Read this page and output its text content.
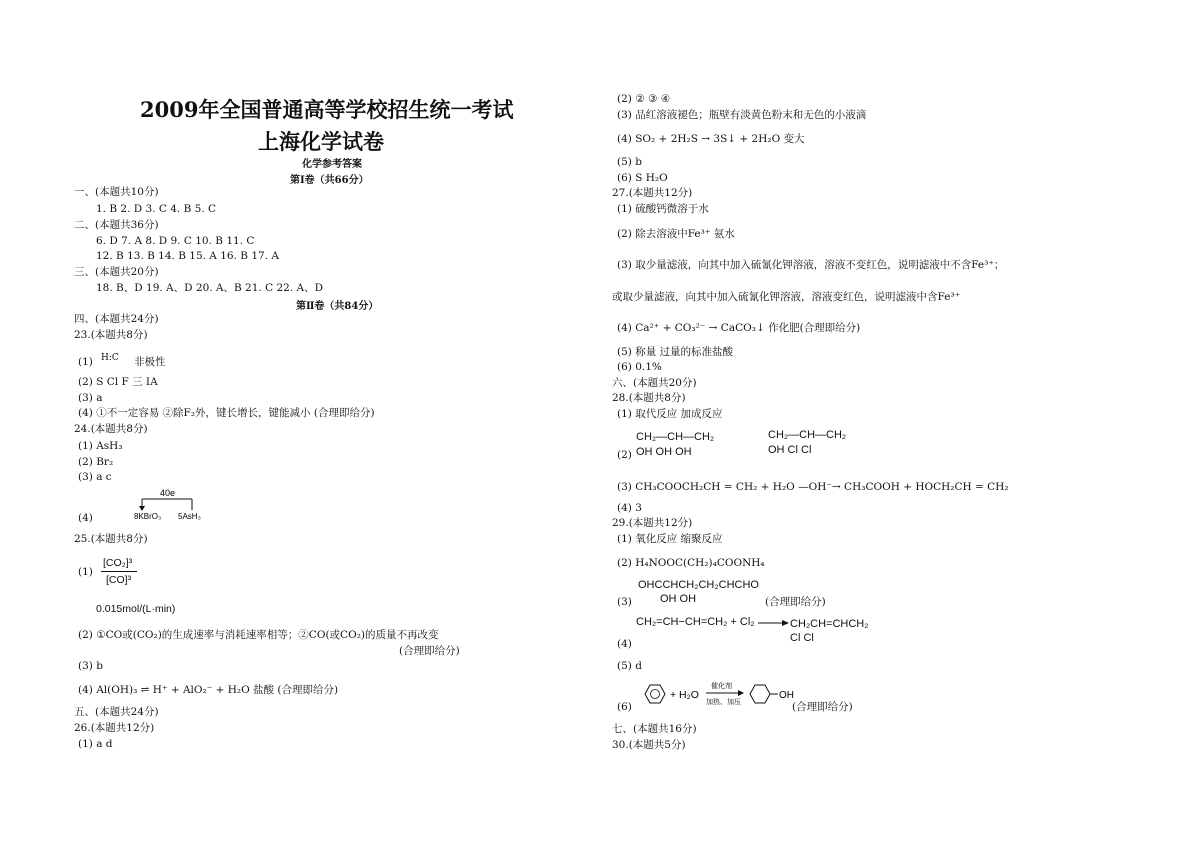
2009年全国普通高等学校招生统一考试
上海化学试卷
化学参考答案
第Ⅰ卷（共66分）
一、(本题共10分)
1. B 2. D 3. C 4. B 5. C
二、(本题共36分)
6. D 7. A 8. D 9. C 10. B 11. C
12. B 13. B 14. B 15. A 16. B 17. A
三、(本题共20分)
18. B、D 19. A、D 20. A、B 21. C 22. A、D
第Ⅱ卷（共84分）
四、(本题共24分)
23.(本题共8分)
(1) H:C 非极性
(2) S Cl F 三 IA
(3) a
(4) ①不一定容易 ②除F₂外，键长增长，键能减小 (合理即给分)
24.(本题共8分)
(1) AsH₃
(2) Br₂
(3) a c
(4)
40e
8KBrO₃ 5AsH₃
25.(本题共8分)
(1)
[CO₂]³
[CO]³
0.015mol/(L·min)
(2) ①CO或(CO₂)的生成速率与消耗速率相等；②CO(或CO₂)的质量不再改变
(合理即给分)
(3) b
(4) Al(OH)₃ ⇌ H⁺ + AlO₂⁻ + H₂O 盐酸 (合理即给分)
五、(本题共24分)
26.(本题共12分)
(1) a d
(2) ② ③ ④
(3) 品红溶液褪色；瓶壁有淡黄色粉末和无色的小液滴
(4) SO₂ + 2H₂S → 3S↓ + 2H₂O 变大
(5) b
(6) S H₂O
27.(本题共12分)
(1) 硫酸钙微溶于水
(2) 除去溶液中Fe³⁺ 氨水
(3) 取少量滤液，向其中加入硫氰化钾溶液，溶液不变红色，说明滤液中不含Fe³⁺；
或取少量滤液，向其中加入硫氰化钾溶液，溶液变红色，说明滤液中含Fe³⁺
(4) Ca²⁺ + CO₃²⁻ → CaCO₃↓ 作化肥(合理即给分)
(5) 称量 过量的标准盐酸
(6) 0.1%
六、(本题共20分)
28.(本题共8分)
(1) 取代反应 加成反应
(2)
CH₂—CH—CH₂
OH OH OH
CH₂—CH—CH₂
OH Cl Cl
(3) CH₃COOCH₂CH = CH₂ + H₂O —OH⁻→ CH₃COOH + HOCH₂CH = CH₂
(4) 3
29.(本题共12分)
(1) 氧化反应 缩聚反应
(2) H₄NOOC(CH₂)₄COONH₄
(3)
OHCCHCH₂CH₂CHCHO
OH OH	(合理即给分)
(4)
CH₂=CH−CH=CH₂ + Cl₂ → CH₂CH=CHCH₂
Cl Cl
(5) d
(6)
+ H₂O
催化剂
加热、加压
OH
(合理即给分)
七、(本题共16分)
30.(本题共5分)
